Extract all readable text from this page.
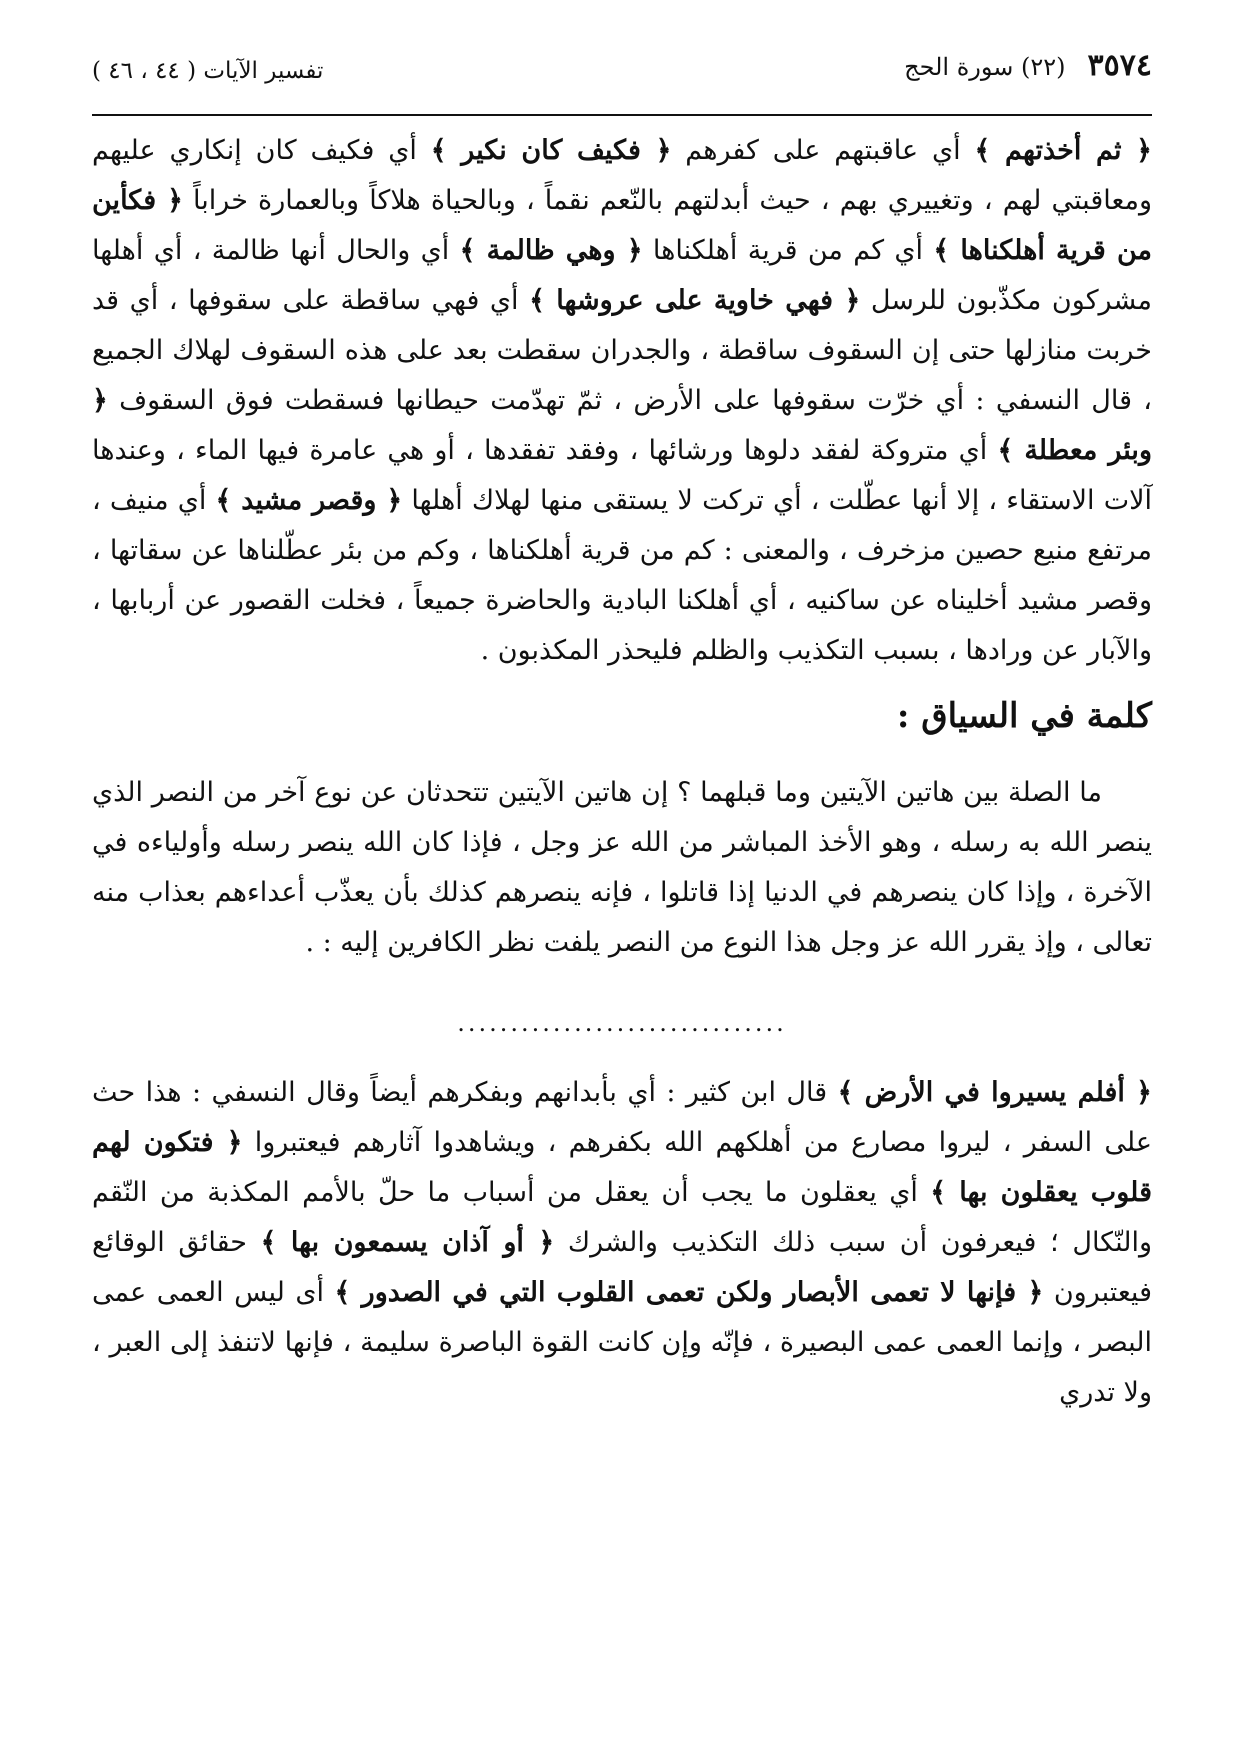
٣٥٧٤
(٢٢) سورة الحج
تفسير الآيات ( ٤٤ ، ٤٦ )

﴿ ثم أخذتهم ﴾ أي عاقبتهم على كفرهم ﴿ فكيف كان نكير ﴾ أي فكيف كان إنكاري عليهم ومعاقبتي لهم ، وتغييري بهم ، حيث أبدلتهم بالنّعم نقماً ، وبالحياة هلاكاً وبالعمارة خراباً ﴿ فكأين من قرية أهلكناها ﴾ أي كم من قرية أهلكناها ﴿ وهي ظالمة ﴾ أي والحال أنها ظالمة ، أي أهلها مشركون مكذّبون للرسل ﴿ فهي خاوية على عروشها ﴾ أي فهي ساقطة على سقوفها ، أي قد خربت منازلها حتى إن السقوف ساقطة ، والجدران سقطت بعد على هذه السقوف لهلاك الجميع ، قال النسفي : أي خرّت سقوفها على الأرض ، ثمّ تهدّمت حيطانها فسقطت فوق السقوف ﴿ وبئر معطلة ﴾ أي متروكة لفقد دلوها ورشائها ، وفقد تفقدها ، أو هي عامرة فيها الماء ، وعندها آلات الاستقاء ، إلا أنها عطّلت ، أي تركت لا يستقى منها لهلاك أهلها ﴿ وقصر مشيد ﴾ أي منيف ، مرتفع منيع حصين مزخرف ، والمعنى : كم من قرية أهلكناها ، وكم من بئر عطّلناها عن سقاتها ، وقصر مشيد أخليناه عن ساكنيه ، أي أهلكنا البادية والحاضرة جميعاً ، فخلت القصور عن أربابها ، والآبار عن ورادها ، بسبب التكذيب والظلم فليحذر المكذبون .

كلمة في السياق :

ما الصلة بين هاتين الآيتين وما قبلهما ؟ إن هاتين الآيتين تتحدثان عن نوع آخر من النصر الذي ينصر الله به رسله ، وهو الأخذ المباشر من الله عز وجل ، فإذا كان الله ينصر رسله وأولياءه في الآخرة ، وإذا كان ينصرهم في الدنيا إذا قاتلوا ، فإنه ينصرهم كذلك بأن يعذّب أعداءهم بعذاب منه تعالى ، وإذ يقرر الله عز وجل هذا النوع من النصر يلفت نظر الكافرين إليه : .

...............................

﴿ أفلم يسيروا في الأرض ﴾ قال ابن كثير : أي بأبدانهم وبفكرهم أيضاً وقال النسفي : هذا حث على السفر ، ليروا مصارع من أهلكهم الله بكفرهم ، ويشاهدوا آثارهم فيعتبروا ﴿ فتكون لهم قلوب يعقلون بها ﴾ أي يعقلون ما يجب أن يعقل من أسباب ما حلّ بالأمم المكذبة من النّقم والنّكال ؛ فيعرفون أن سبب ذلك التكذيب والشرك ﴿ أو آذان يسمعون بها ﴾ حقائق الوقائع فيعتبرون ﴿ فإنها لا تعمى الأبصار ولكن تعمى القلوب التي في الصدور ﴾ أى ليس العمى عمى البصر ، وإنما العمى عمى البصيرة ، فإنّه وإن كانت القوة الباصرة سليمة ، فإنها لاتنفذ إلى العبر ، ولا تدري
